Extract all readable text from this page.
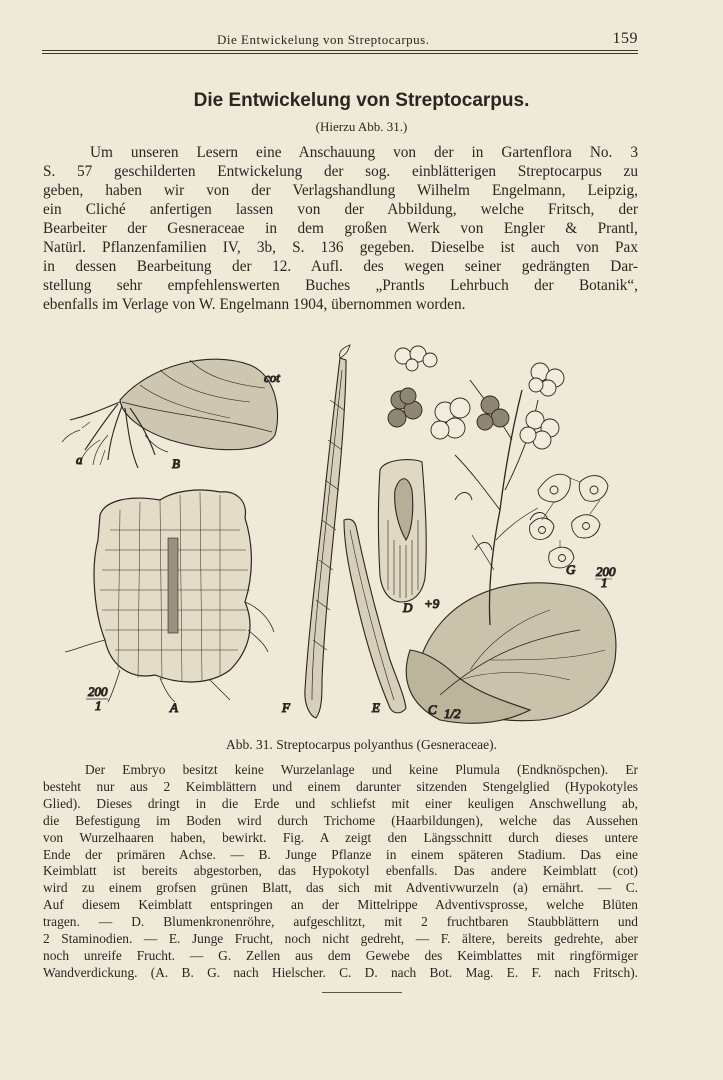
Die Entwickelung von Streptocarpus.	159
Die Entwickelung von Streptocarpus.
(Hierzu Abb. 31.)
Um unseren Lesern eine Anschauung von der in Gartenflora No. 3
S. 57 geschilderten Entwickelung der sog. einblätterigen Streptocarpus zu
geben, haben wir von der Verlagshandlung Wilhelm Engelmann, Leipzig,
ein Cliché anfertigen lassen von der Abbildung, welche Fritsch, der
Bearbeiter der Gesneraceae in dem großen Werk von Engler & Prantl,
Natürl. Pflanzenfamilien IV, 3b, S. 136 gegeben. Dieselbe ist auch von Pax
in dessen Bearbeitung der 12. Aufl. des wegen seiner gedrängten Dar-
stellung sehr empfehlenswerten Buches „Prantls Lehrbuch der Botanik“,
ebenfalls im Verlage von W. Engelmann 1904, übernommen worden.
cot
a	B
200
1	A	F	E
D +9
C 1/2
G 200
1
Abb. 31. Streptocarpus polyanthus (Gesneraceae).
Der Embryo besitzt keine Wurzelanlage und keine Plumula (Endknöspchen). Er
besteht nur aus 2 Keimblättern und einem darunter sitzenden Stengelglied (Hypokotyles
Glied). Dieses dringt in die Erde und schliefst mit einer keuligen Anschwellung ab,
die Befestigung im Boden wird durch Trichome (Haarbildungen), welche das Aussehen
von Wurzelhaaren haben, bewirkt. Fig. A zeigt den Längsschnitt durch dieses untere
Ende der primären Achse. — B. Junge Pflanze in einem späteren Stadium. Das eine
Keimblatt ist bereits abgestorben, das Hypokotyl ebenfalls. Das andere Keimblatt (cot)
wird zu einem grofsen grünen Blatt, das sich mit Adventivwurzeln (a) ernährt. — C.
Auf diesem Keimblatt entspringen an der Mittelrippe Adventivsprosse, welche Blüten
tragen. — D. Blumenkronenröhre, aufgeschlitzt, mit 2 fruchtbaren Staubblättern und
2 Staminodien. — E. Junge Frucht, noch nicht gedreht, — F. ältere, bereits gedrehte, aber
noch unreife Frucht. — G. Zellen aus dem Gewebe des Keimblattes mit ringförmiger
Wandverdickung. (A. B. G. nach Hielscher. C. D. nach Bot. Mag. E. F. nach Fritsch).
